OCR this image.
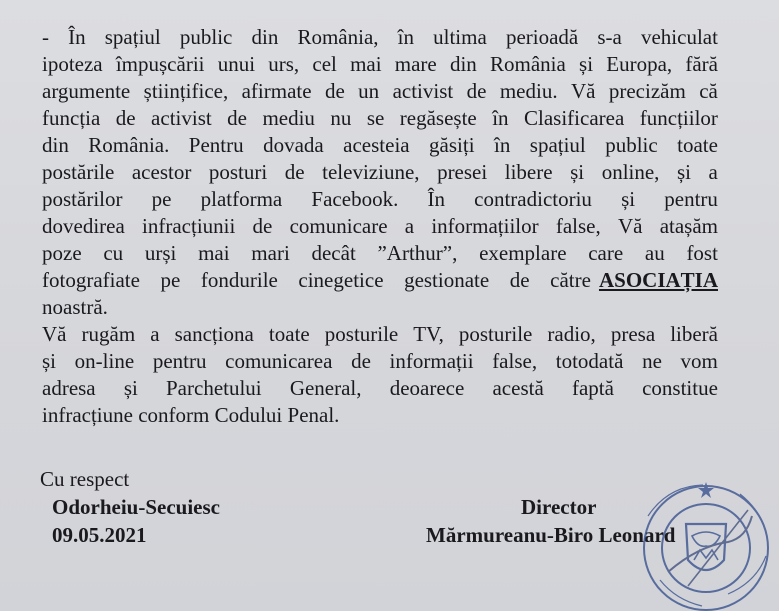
- În spațiul public din România, în ultima perioadă s-a vehiculat
ipoteza împușcării unui urs, cel mai mare din România și Europa, fără
argumente științifice, afirmate de un activist de mediu. Vă precizăm că
funcția de activist de mediu nu se regăsește în Clasificarea funcțiilor
din România. Pentru dovada acesteia găsiți în spațiul public toate
postările acestor posturi de televiziune, presei libere și online, și a
postărilor pe platforma Facebook. În contradictoriu și pentru
dovedirea infracțiunii de comunicare a informațiilor false, Vă atașăm
poze cu urși mai mari decât ”Arthur”, exemplare care au fost
fotografiate pe fondurile cinegetice gestionate de către ASOCIAȚIA
noastră.
Vă rugăm a sancționa toate posturile TV, posturile radio, presa liberă
și on-line pentru comunicarea de informații false, totodată ne vom
adresa și Parchetului General, deoarece acestă faptă constitue
infracțiune conform Codului Penal.
Cu respect
Odorheiu-Secuiesc
09.05.2021
Director
Mărmureanu-Biro Leonard
